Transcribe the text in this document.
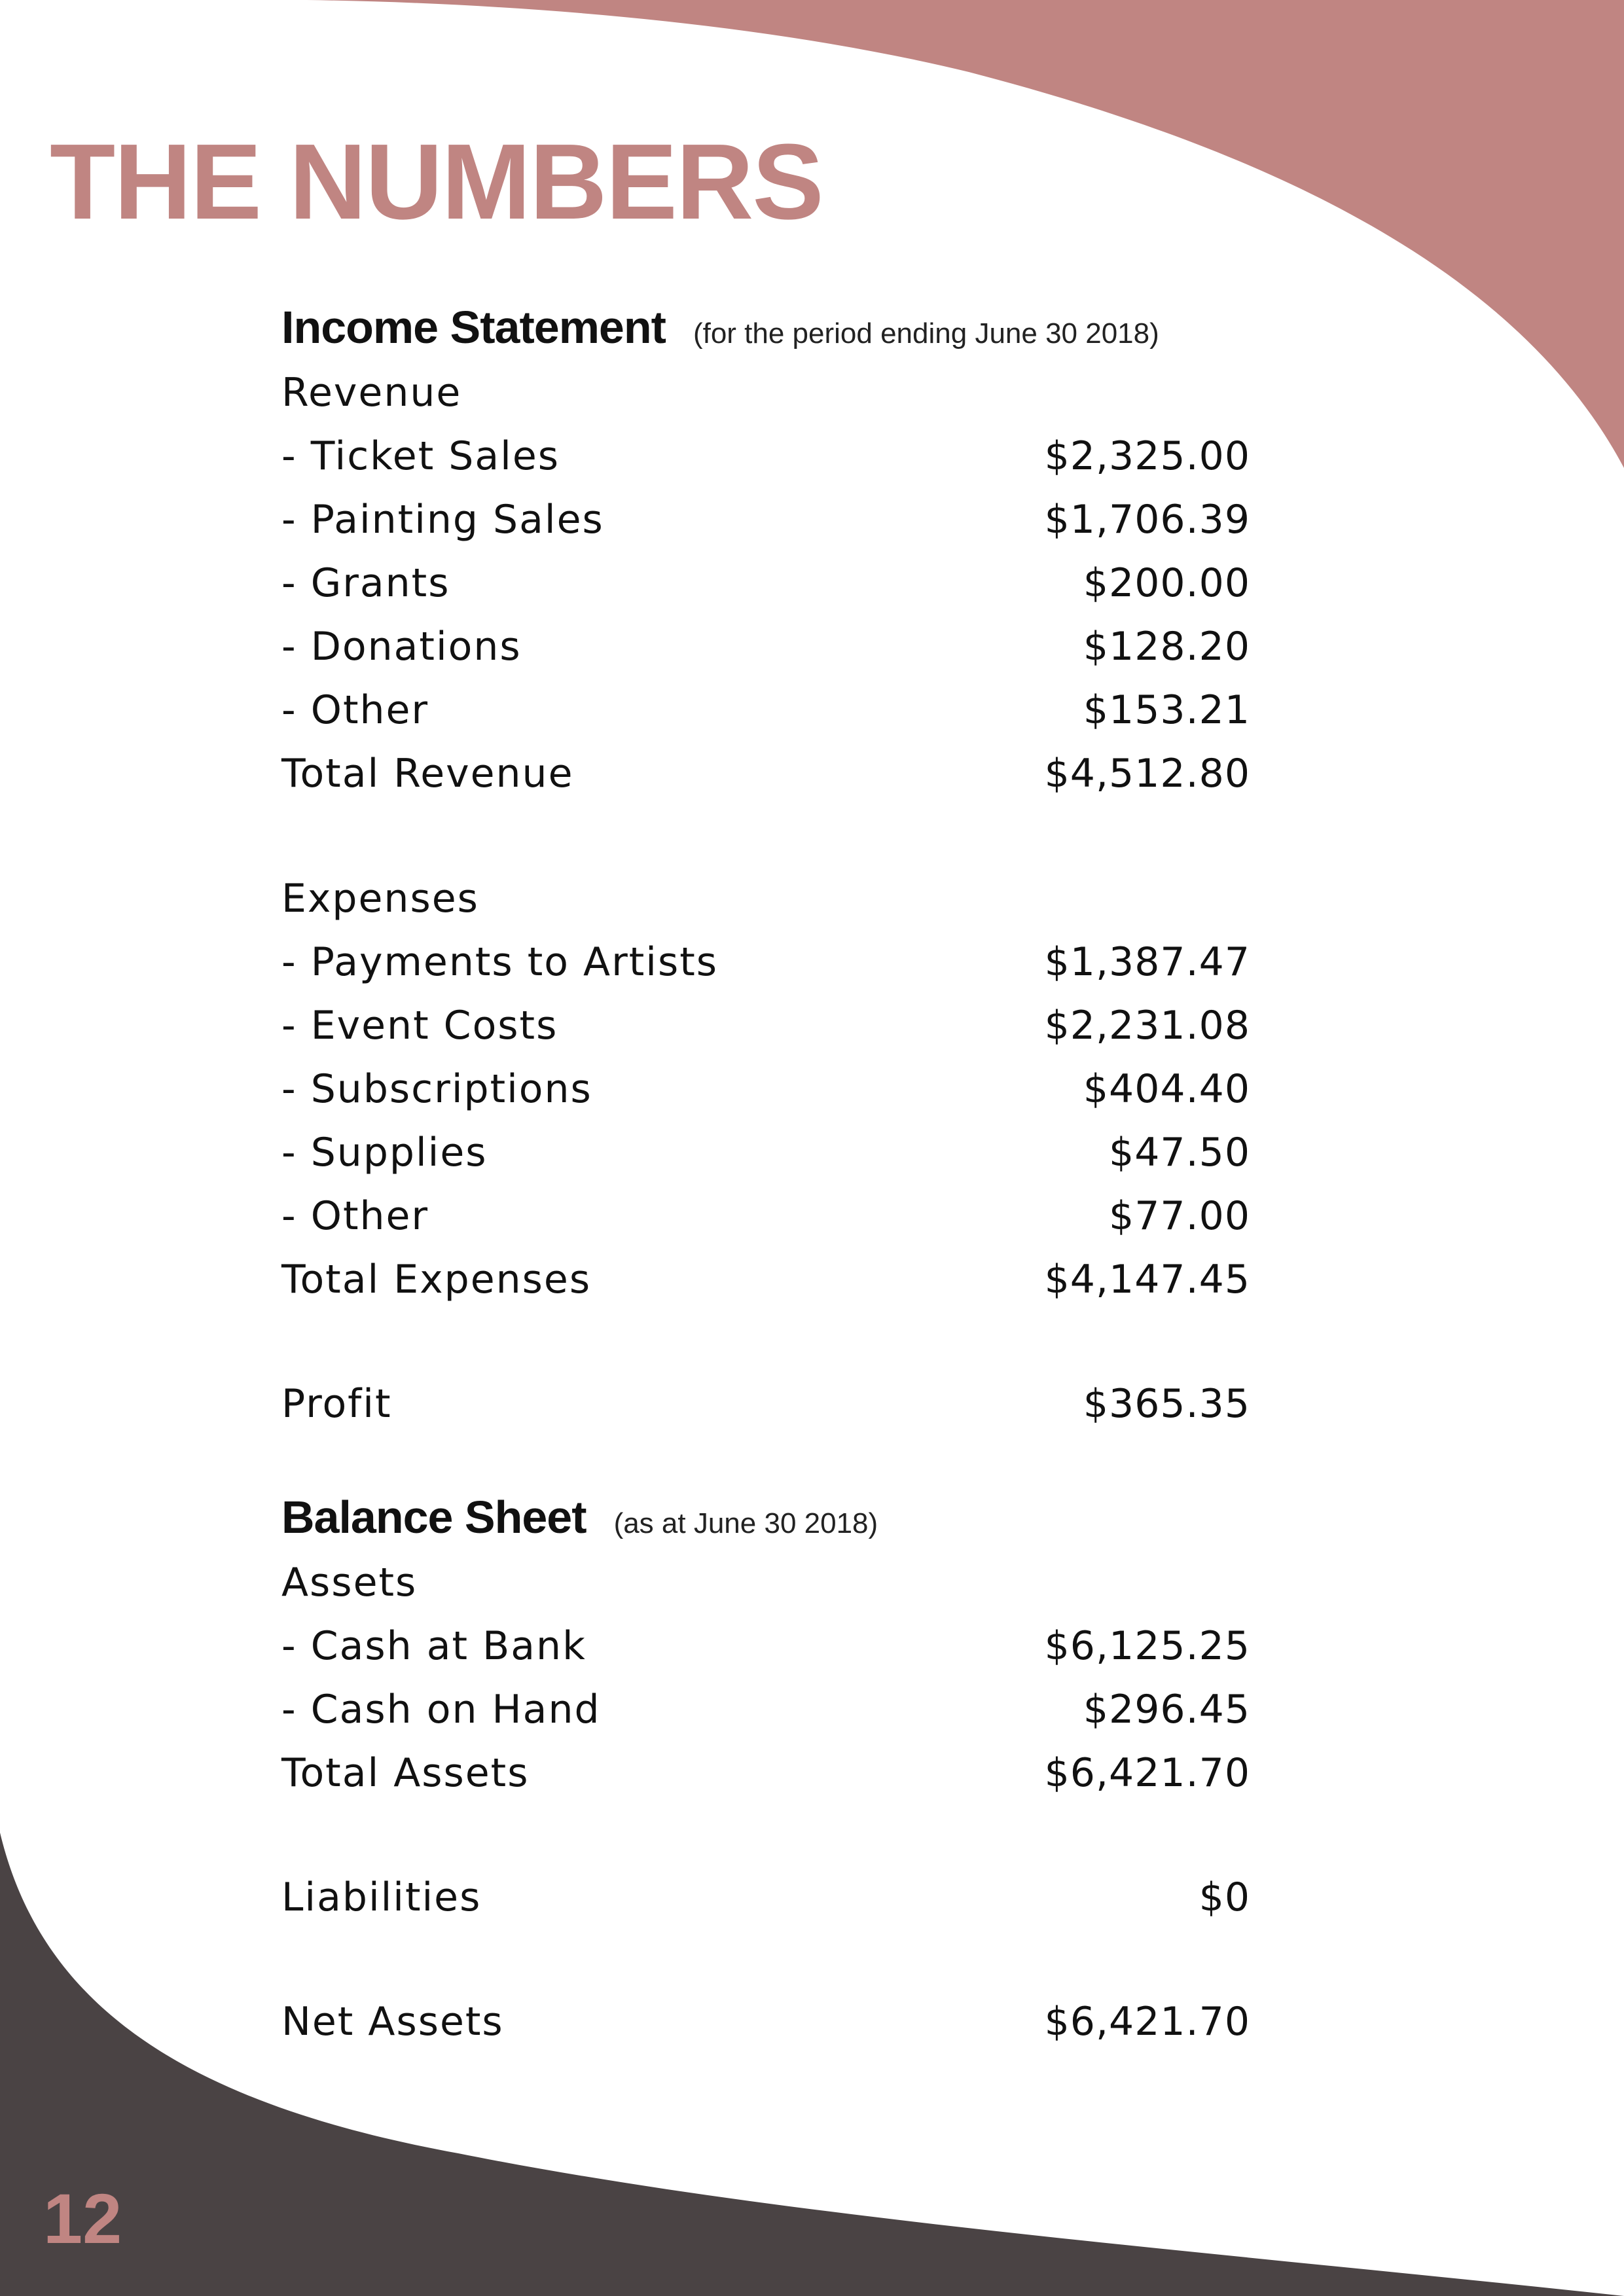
THE NUMBERS
Income Statement (for the period ending June 30 2018)
Revenue
- Ticket Sales	$2,325.00
- Painting Sales	$1,706.39
- Grants	$200.00
- Donations	$128.20
- Other	$153.21
Total Revenue	$4,512.80
Expenses
- Payments to Artists	$1,387.47
- Event Costs	$2,231.08
- Subscriptions	$404.40
- Supplies	$47.50
- Other	$77.00
Total Expenses	$4,147.45
Profit	$365.35
Balance Sheet (as at June 30 2018)
Assets
- Cash at Bank	$6,125.25
- Cash on Hand	$296.45
Total Assets	$6,421.70
Liabilities	$0
Net Assets	$6,421.70
12
